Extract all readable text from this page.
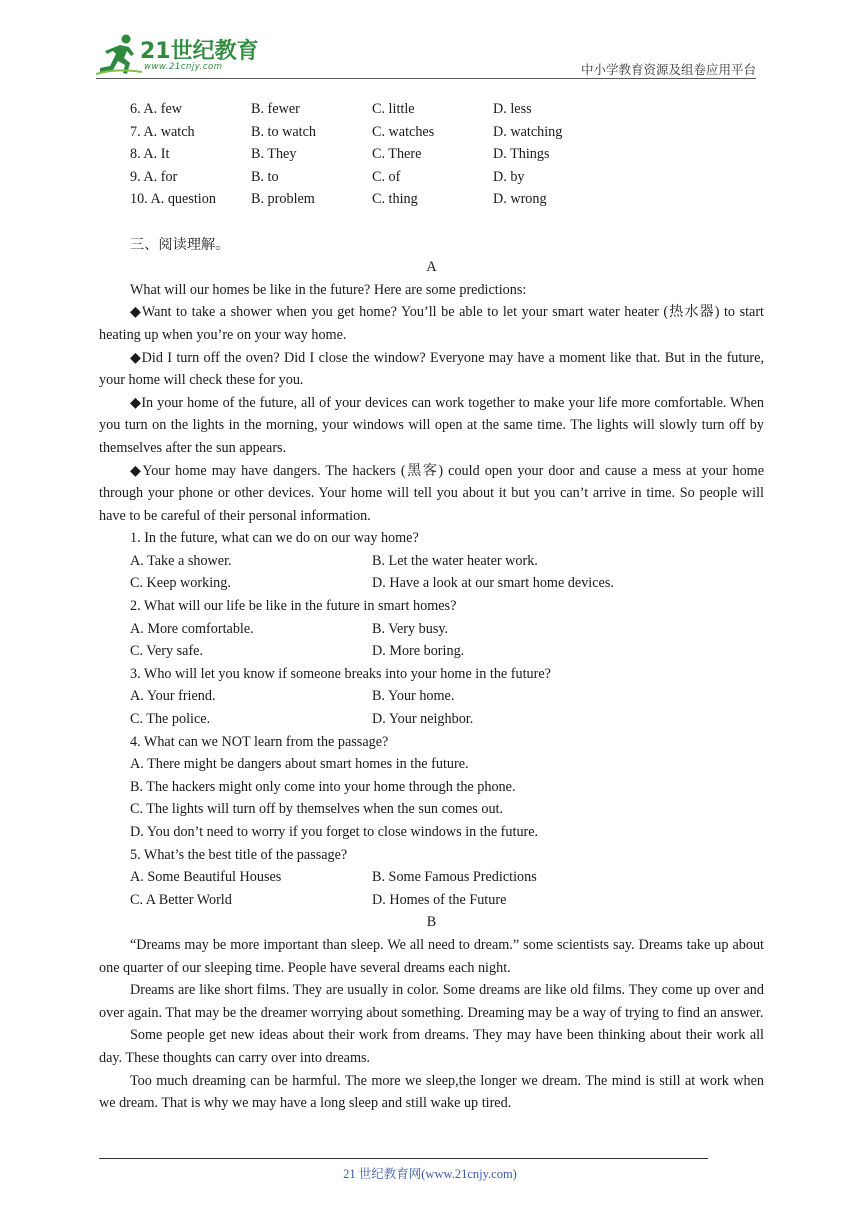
21世纪教育
www.21cnjy.com	中小学教育资源及组卷应用平台
6. A. few	B. fewer	C. little	D. less
7. A. watch	B. to watch	C. watches	D. watching
8. A. It	B. They	C. There	D. Things
9. A. for	B. to	C. of	D. by
10. A. question B. problem	C. thing	D. wrong

三、阅读理解。

A

What will our homes be like in the future? Here are some predictions:

◆Want to take a shower when you get home? You’ll be able to let your smart water heater (热水器) to start heating up when you’re on your way home.

◆Did I turn off the oven? Did I close the window? Everyone may have a moment like that. But in the future, your home will check these for you.

◆In your home of the future, all of your devices can work together to make your life more comfortable. When you turn on the lights in the morning, your windows will open at the same time. The lights will slowly turn off by themselves after the sun appears.

◆Your home may have dangers. The hackers (黑客) could open your door and cause a mess at your home through your phone or other devices. Your home will tell you about it but you can’t arrive in time. So people will have to be careful of their personal information.

1. In the future, what can we do on our way home?

A. Take a shower.	B. Let the water heater work.
C. Keep working.	D. Have a look at our smart home devices.

2. What will our life be like in the future in smart homes?

A. More comfortable.	B. Very busy.
C. Very safe.	D. More boring.

3. Who will let you know if someone breaks into your home in the future?

A. Your friend.	B. Your home.
C. The police.	D. Your neighbor.

4. What can we NOT learn from the passage?

A. There might be dangers about smart homes in the future.

B. The hackers might only come into your home through the phone.

C. The lights will turn off by themselves when the sun comes out.

D. You don’t need to worry if you forget to close windows in the future.

5. What’s the best title of the passage?

A. Some Beautiful Houses	B. Some Famous Predictions
C. A Better World	D. Homes of the Future

B

“Dreams may be more important than sleep. We all need to dream.” some scientists say. Dreams take up about one quarter of our sleeping time. People have several dreams each night.

Dreams are like short films. They are usually in color. Some dreams are like old films. They come up over and over again. That may be the dreamer worrying about something. Dreaming may be a way of trying to find an answer.

Some people get new ideas about their work from dreams. They may have been thinking about their work all day. These thoughts can carry over into dreams.

Too much dreaming can be harmful. The more we sleep,the longer we dream. The mind is still at work when we dream. That is why we may have a long sleep and still wake up tired.

21 世纪教育网(www.21cnjy.com)
